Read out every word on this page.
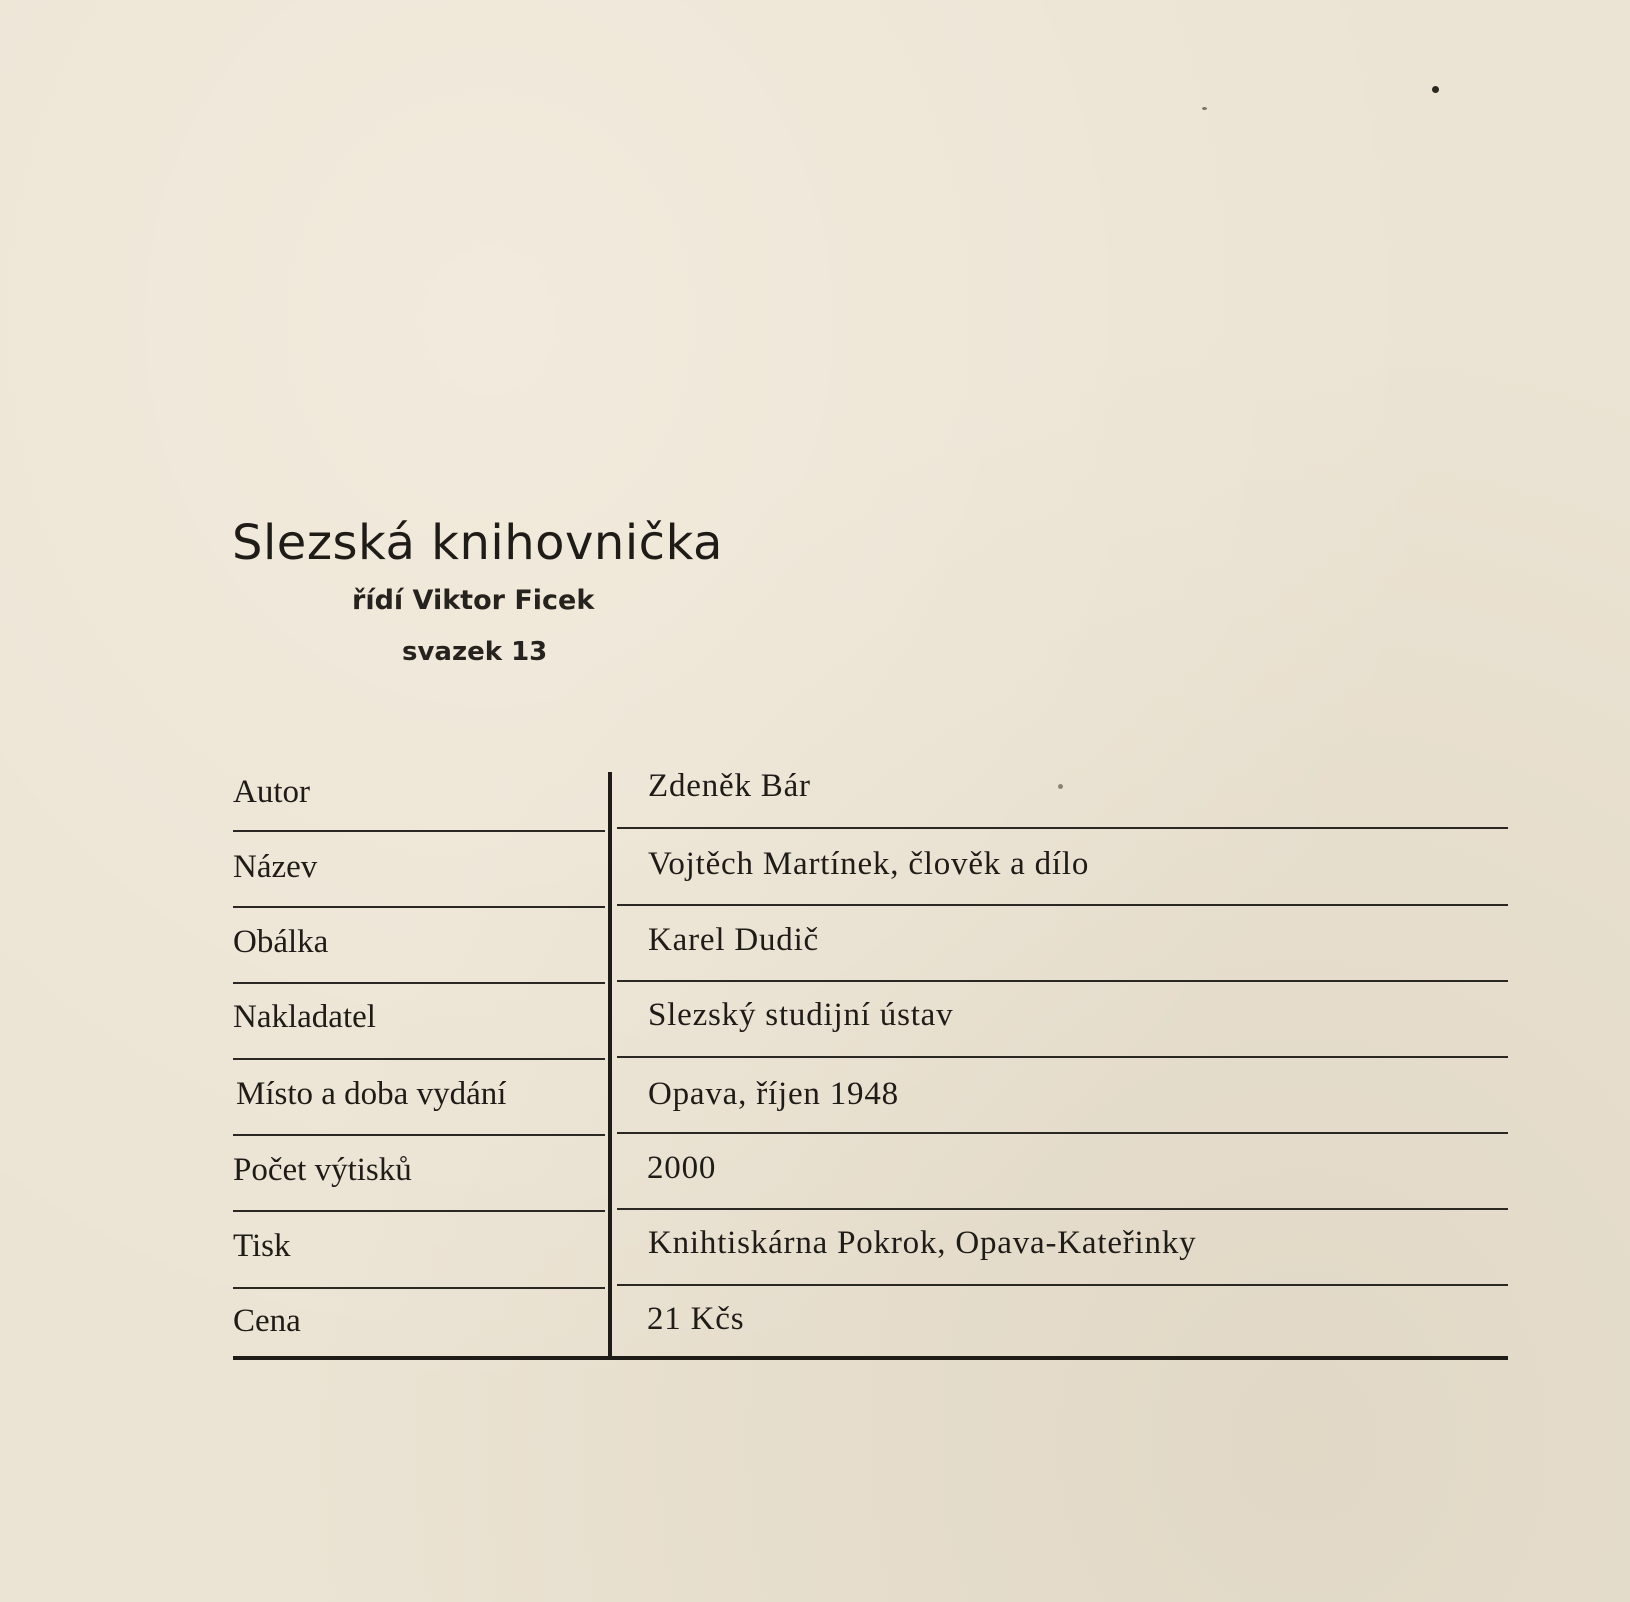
Slezská knihovnička
řídí Viktor Ficek
svazek 13
Autor	Zdeněk Bár
Název	Vojtěch Martínek, člověk a dílo
Obálka	Karel Dudič
Nakladatel	Slezský studijní ústav
Místo a doba vydání	Opava, říjen 1948
Počet výtisků	2000
Tisk	Knihtiskárna Pokrok, Opava-Kateřinky
Cena	21 Kčs
